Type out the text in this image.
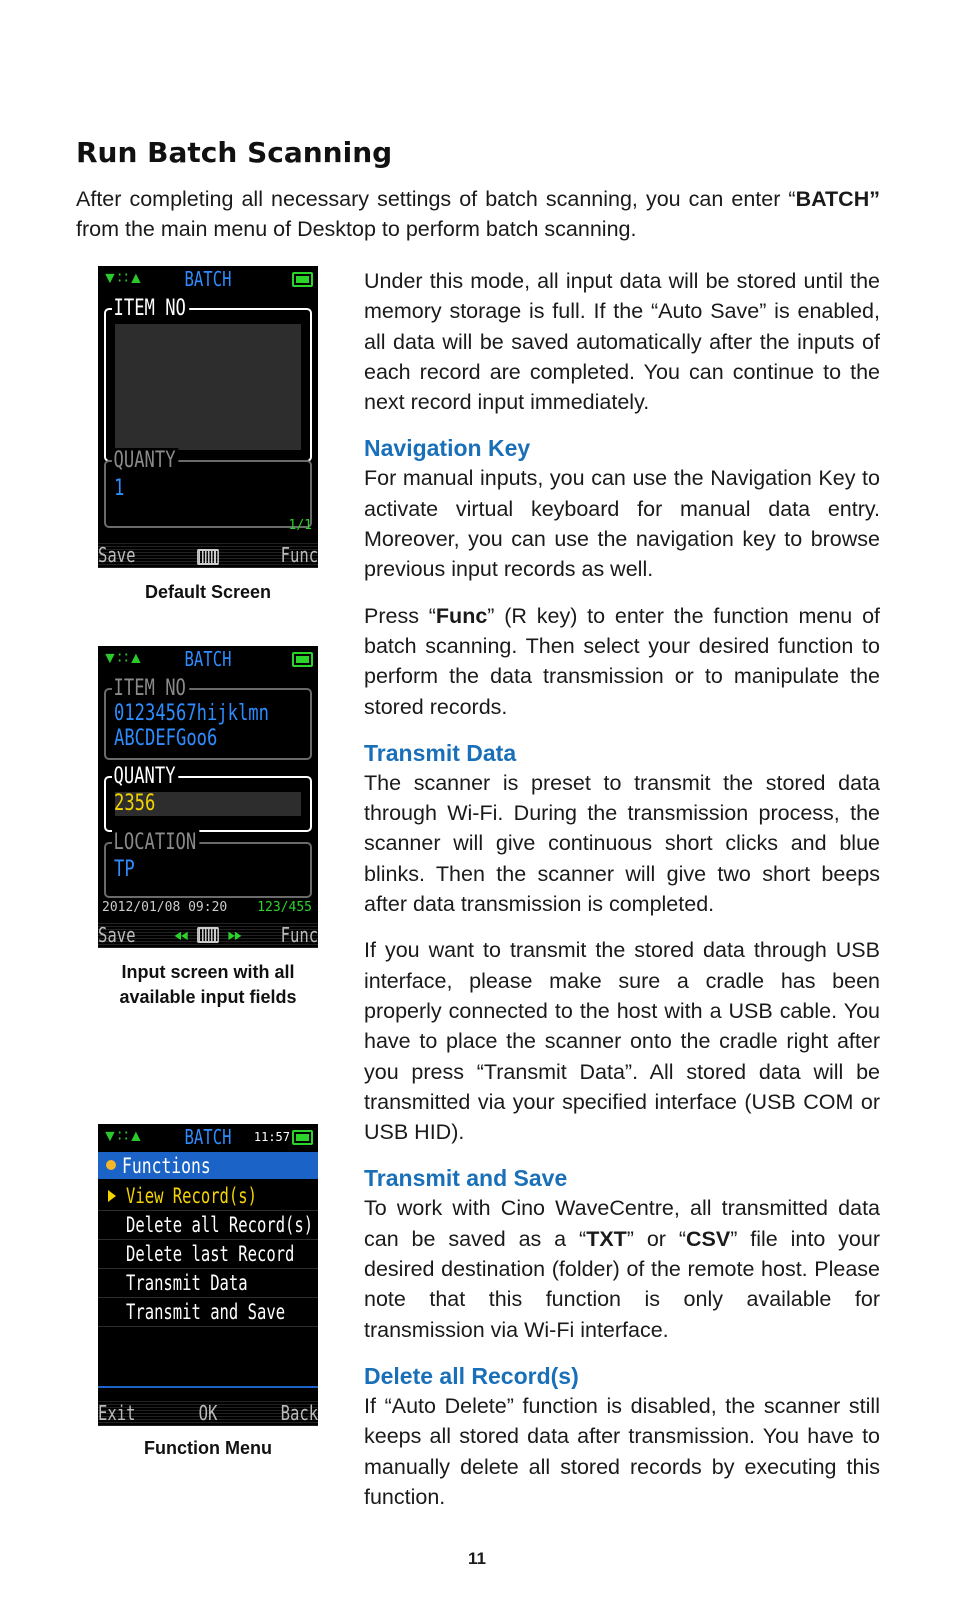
Run Batch Scanning

After completing all necessary settings of batch scanning, you can enter “BATCH” from the main menu of Desktop to perform batch scanning.

▼∷▲	BATCH
ITEM NO
QUANTY
1
1/1
Save	Func
Default Screen
▼∷▲	BATCH
ITEM NO
01234567hijklmn
ABCDEFGoo6
QUANTY
2356
LOCATION
TP
2012/01/08 09:20 123/455
Save	◀◀	▶▶	Func
Input screen with all
available input fields
▼∷▲	BATCH	11:57
Functions
View Record(s)
Delete all Record(s)
Delete last Record
Transmit Data
Transmit and Save
Exit	OK	Back
Function Menu

Under this mode, all input data will be stored until the memory storage is full. If the “Auto Save” is enabled, all data will be saved automatically after the inputs of each record are completed. You can continue to the next record input immediately.

Navigation Key

For manual inputs, you can use the Navigation Key to activate virtual keyboard for manual data entry. Moreover, you can use the navigation key to browse previous input records as well.

Press “Func” (R key) to enter the function menu of batch scanning. Then select your desired function to perform the data transmission or to manipulate the stored records.

Transmit Data

The scanner is preset to transmit the stored data through Wi-Fi. During the transmission process, the scanner will give continuous short clicks and blue blinks. Then the scanner will give two short beeps after data transmission is completed.

If you want to transmit the stored data through USB interface, please make sure a cradle has been properly connected to the host with a USB cable. You have to place the scanner onto the cradle right after you press “Transmit Data”. All stored data will be transmitted via your specified interface (USB COM or USB HID).

Transmit and Save

To work with Cino WaveCentre, all transmitted data can be saved as a “TXT” or “CSV” file into your desired destination (folder) of the remote host. Please note that this function is only available for transmission via Wi-Fi interface.

Delete all Record(s)

If “Auto Delete” function is disabled, the scanner still keeps all stored data after transmission. You have to manually delete all stored records by executing this function.

11
